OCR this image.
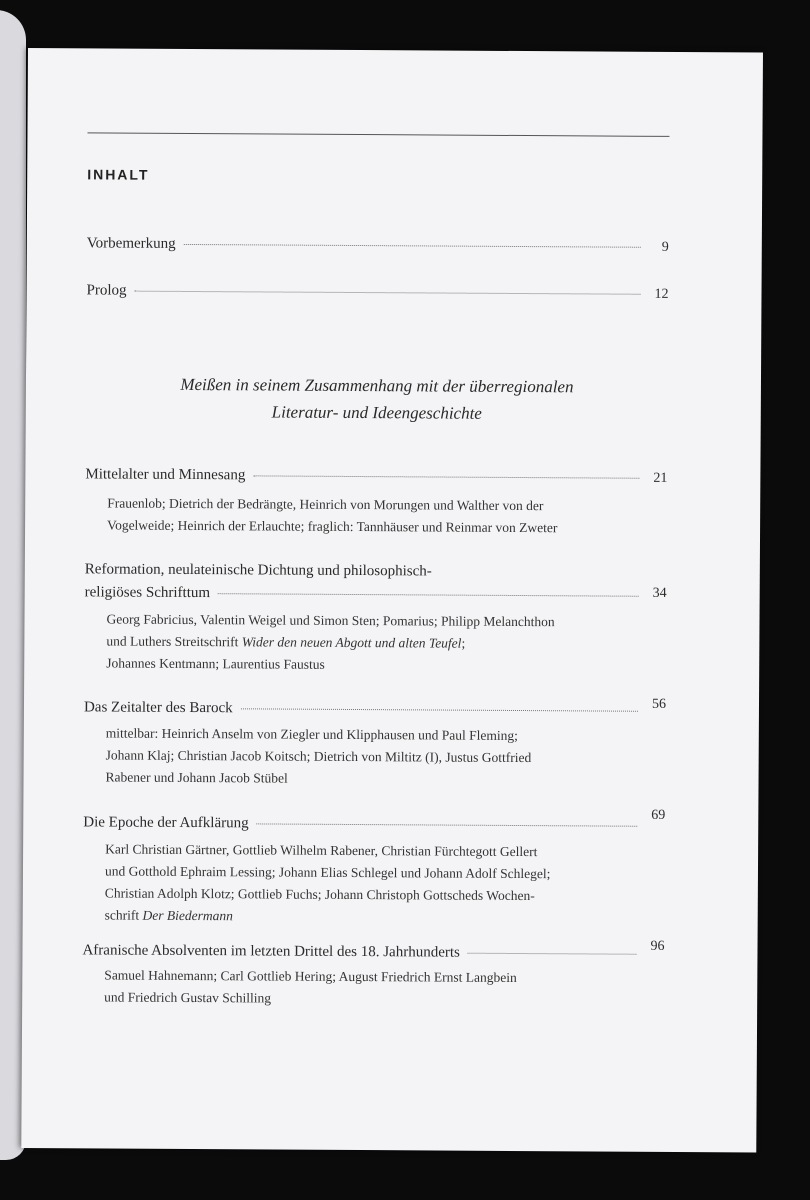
INHALT
Vorbemerkung	9
Prolog	12
Meißen in seinem Zusammenhang mit der überregionalen
Literatur- und Ideengeschichte
Mittelalter und Minnesang	21
Frauenlob; Dietrich der Bedrängte, Heinrich von Morungen und Walther von der
Vogelweide; Heinrich der Erlauchte; fraglich: Tannhäuser und Reinmar von Zweter
Reformation, neulateinische Dichtung und philosophisch-
religiöses Schrifttum	34
Georg Fabricius, Valentin Weigel und Simon Sten; Pomarius; Philipp Melanchthon
und Luthers Streitschrift Wider den neuen Abgott und alten Teufel;
Johannes Kentmann; Laurentius Faustus
Das Zeitalter des Barock	56
mittelbar: Heinrich Anselm von Ziegler und Klipphausen und Paul Fleming;
Johann Klaj; Christian Jacob Koitsch; Dietrich von Miltitz (I), Justus Gottfried
Rabener und Johann Jacob Stübel
Die Epoche der Aufklärung	69
Karl Christian Gärtner, Gottlieb Wilhelm Rabener, Christian Fürchtegott Gellert
und Gotthold Ephraim Lessing; Johann Elias Schlegel und Johann Adolf Schlegel;
Christian Adolph Klotz; Gottlieb Fuchs; Johann Christoph Gottscheds Wochen-
schrift Der Biedermann
Afranische Absolventen im letzten Drittel des 18. Jahrhunderts	96
Samuel Hahnemann; Carl Gottlieb Hering; August Friedrich Ernst Langbein
und Friedrich Gustav Schilling
